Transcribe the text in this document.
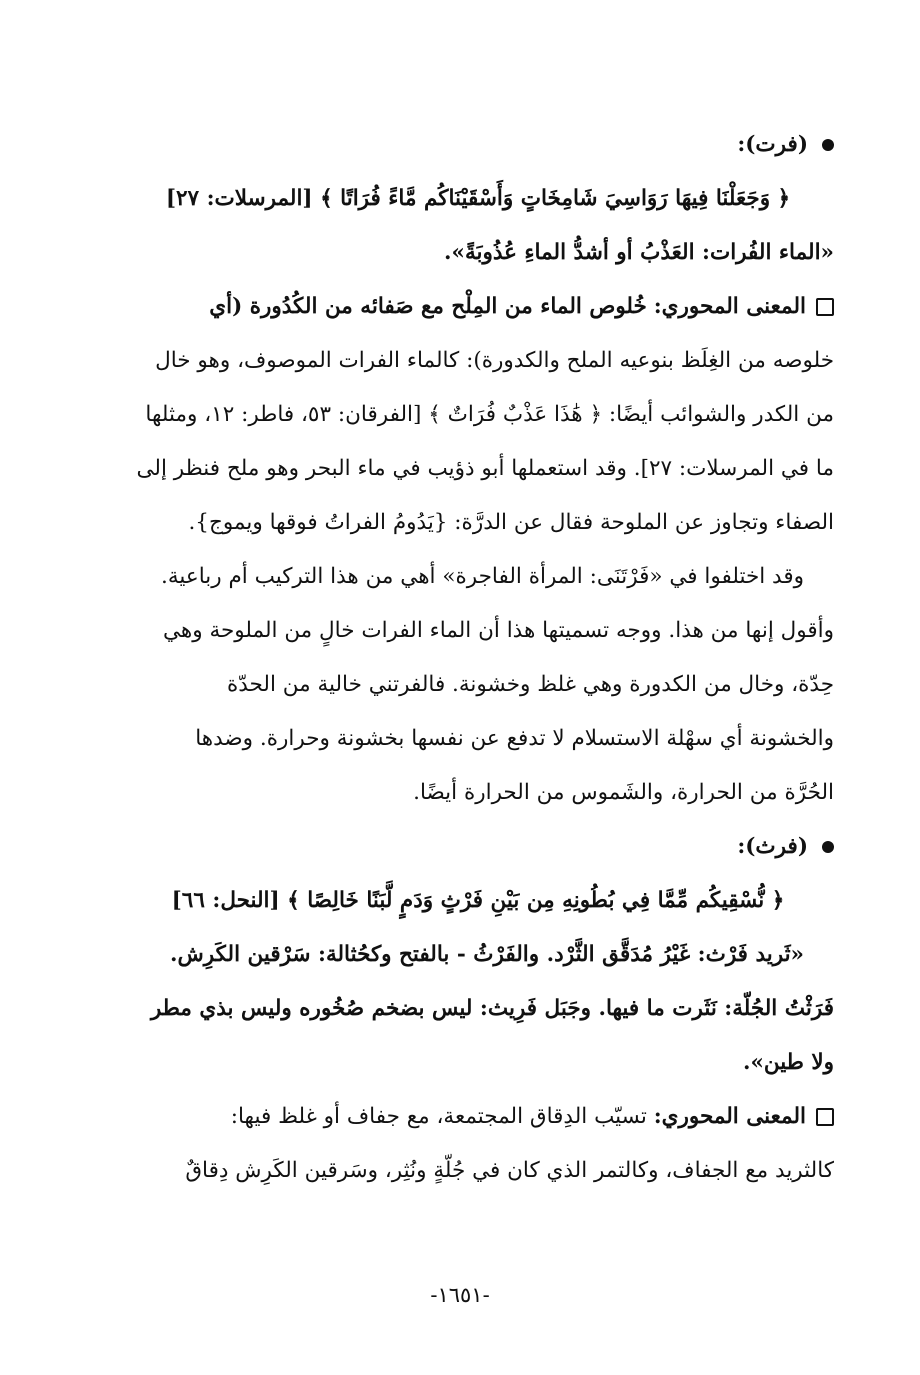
(فرت):
﴿ وَجَعَلْنَا فِيهَا رَوَاسِيَ شَامِخَاتٍ وَأَسْقَيْنَاكُم مَّاءً فُرَاتًا ﴾ [المرسلات: ٢٧]
«الماء الفُرات: العَذْبُ أو أشدُّ الماءِ عُذُوبَةً».
المعنى المحوري: خُلوص الماء من المِلْح مع صَفائه من الكُدُورة (أي
خلوصه من الغِلَظ بنوعيه الملح والكدورة): كالماء الفرات الموصوف، وهو خال
من الكدر والشوائب أيضًا: ﴿ هَٰذَا عَذْبٌ فُرَاتٌ ﴾ [الفرقان: ٥٣، فاطر: ١٢، ومثلها
ما في المرسلات: ٢٧]. وقد استعملها أبو ذؤيب في ماء البحر وهو ملح فنظر إلى
الصفاء وتجاوز عن الملوحة فقال عن الدرَّة: {يَدُومُ الفراتُ فوقها ويموج}.
وقد اختلفوا في «فَرْتَنَى: المرأة الفاجرة» أهي من هذا التركيب أم رباعية.
وأقول إنها من هذا. ووجه تسميتها هذا أن الماء الفرات خالٍ من الملوحة وهي
حِدّة، وخال من الكدورة وهي غلظ وخشونة. فالفرتني خالية من الحدّة
والخشونة أي سهْلة الاستسلام لا تدفع عن نفسها بخشونة وحرارة. وضدها
الحُرَّة من الحرارة، والشَموس من الحرارة أيضًا.
(فرث):
﴿ نُّسْقِيكُم مِّمَّا فِي بُطُونِهِ مِن بَيْنِ فَرْثٍ وَدَمٍ لَّبَنًا خَالِصًا ﴾ [النحل: ٦٦]
«ثَريد فَرْث: غَيْرُ مُدَقَّق الثَّرْد. والفَرْثُ - بالفتح وكحُثالة: سَرْقين الكَرِش.
فَرَثْتُ الجُلّة: نَثَرت ما فيها. وجَبَل فَرِيث: ليس بضخم صُخُوره وليس بذي مطر
ولا طين».
المعنى المحوري: تسيّب الدِقاق المجتمعة، مع جفاف أو غلظ فيها:
كالثريد مع الجفاف، وكالتمر الذي كان في جُلّةٍ ونُثِر، وسَرقين الكَرِش دِقاقٌ
-١٦٥١-
